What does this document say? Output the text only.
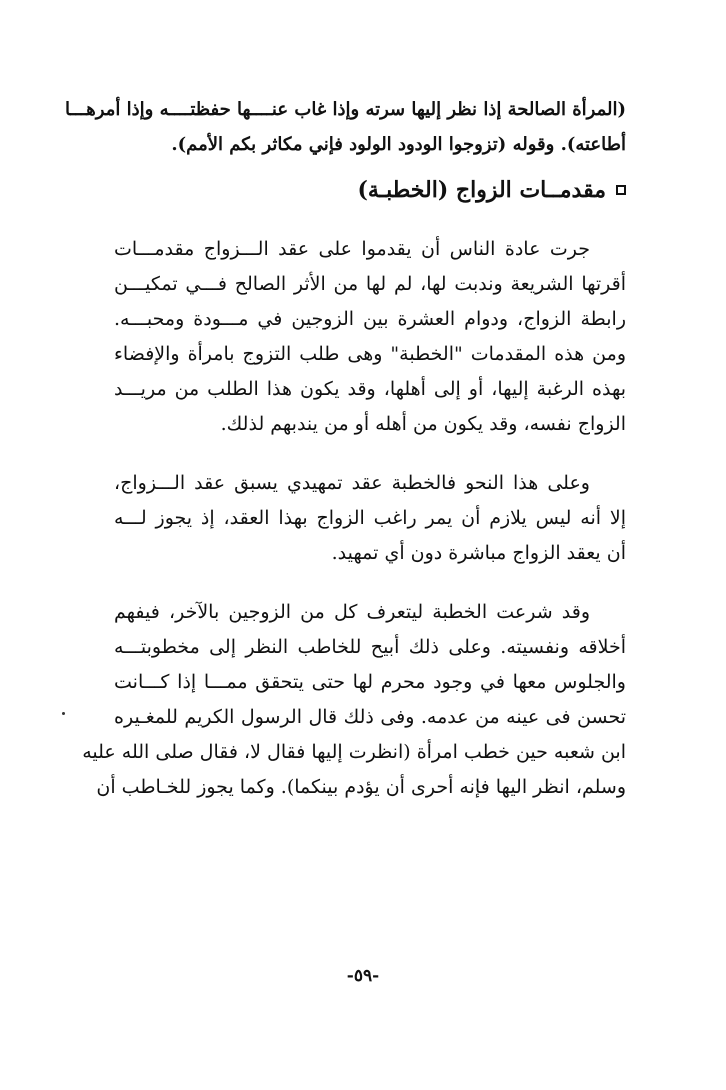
(المرأة الصالحة إذا نظر إليها سرته وإذا غاب عنــــها حفظتــــه وإذا أمرهـــا
أطاعته). وقوله (تزوجوا الودود الولود فإني مكاثر بكم الأمم).
مقدمــات الزواج (الخطبـة)
جرت عادة الناس أن يقدموا على عقد الـــزواج مقدمـــات
أقرتها الشريعة وندبت لها، لم لها من الأثر الصالح فـــي تمكيـــن
رابطة الزواج، ودوام العشرة بين الزوجين في مـــودة ومحبـــه.
ومن هذه المقدمات "الخطبة" وهى طلب التزوج بامرأة والإفضاء
بهذه الرغبة إليها، أو إلى أهلها، وقد يكون هذا الطلب من مريـــد
الزواج نفسه، وقد يكون من أهله أو من يندبهم لذلك.
وعلى هذا النحو فالخطبة عقد تمهيدي يسبق عقد الـــزواج،
إلا أنه ليس يلازم أن يمر راغب الزواج بهذا العقد، إذ يجوز لـــه
أن يعقد الزواج مباشرة دون أي تمهيد.
وقد شرعت الخطبة ليتعرف كل من الزوجين بالآخر، فيفهم
أخلاقه ونفسيته. وعلى ذلك أبيح للخاطب النظر إلى مخطوبتـــه
والجلوس معها في وجود محرم لها حتى يتحقق ممـــا إذا كـــانت
تحسن فى عينه من عدمه. وفى ذلك قال الرسول الكريم للمغـيره
ابن شعبه حين خطب امرأة (انظرت إليها فقال لا، فقال صلى الله عليه
وسلم، انظر اليها فإنه أحرى أن يؤدم بينكما). وكما يجوز للخـاطب أن
-٥٩-
